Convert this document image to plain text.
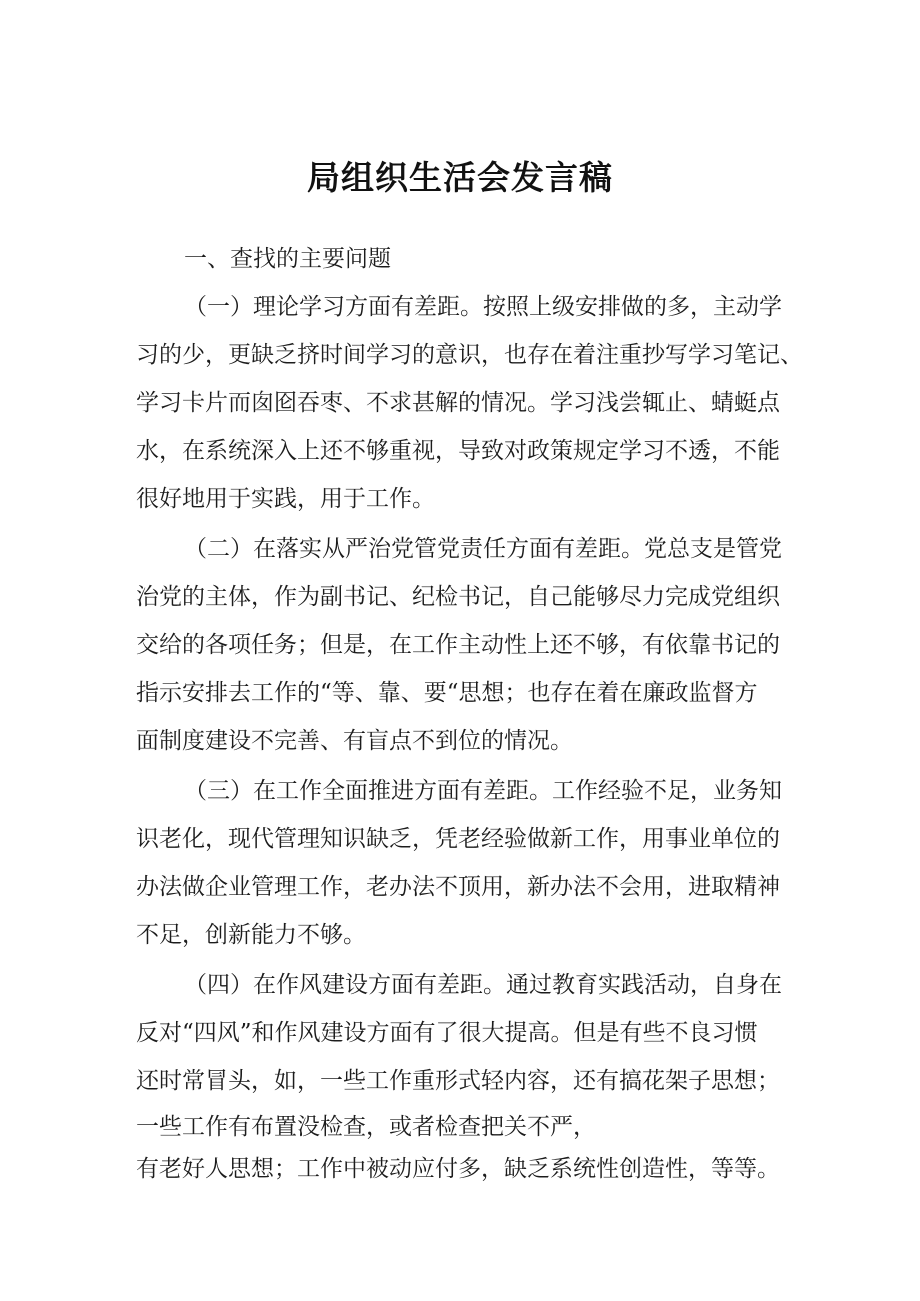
局组织生活会发言稿
一、查找的主要问题
（一）理论学习方面有差距。按照上级安排做的多，主动学
习的少，更缺乏挤时间学习的意识，也存在着注重抄写学习笔记、
学习卡片而囱囵吞枣、不求甚解的情况。学习浅尝辄止、蜻蜓点
水，在系统深入上还不够重视，导致对政策规定学习不透，不能
很好地用于实践，用于工作。
（二）在落实从严治党管党责任方面有差距。党总支是管党
治党的主体，作为副书记、纪检书记，自己能够尽力完成党组织
交给的各项任务；但是，在工作主动性上还不够，有依靠书记的
指示安排去工作的“等、靠、要“思想；也存在着在廉政监督方
面制度建设不完善、有盲点不到位的情况。
（三）在工作全面推进方面有差距。工作经验不足，业务知
识老化，现代管理知识缺乏，凭老经验做新工作，用事业单位的
办法做企业管理工作，老办法不顶用，新办法不会用，进取精神
不足，创新能力不够。
（四）在作风建设方面有差距。通过教育实践活动，自身在
反对“四风”和作风建设方面有了很大提高。但是有些不良习惯
还时常冒头，如，一些工作重形式轻内容，还有搞花架子思想；
一些工作有布置没检查，或者检查把关不严，
有老好人思想；工作中被动应付多，缺乏系统性创造性，等等。
